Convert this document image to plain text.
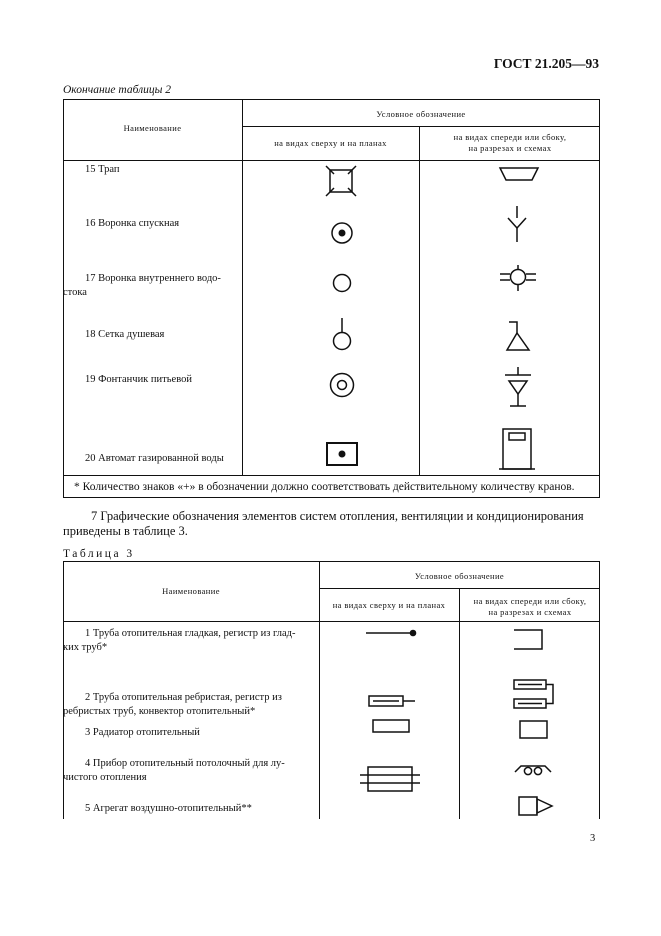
ГОСТ 21.205—93
Окончание таблицы 2
Наименование
Условное обозначение
на видах сверху и на планах
на видах спереди или сбоку,
на разрезах и схемах
15 Трап
16 Воронка спускная
17 Воронка внутреннего водо-
стока
18 Сетка душевая
19 Фонтанчик питьевой
20 Автомат газированной воды
* Количество знаков «+» в обозначении должно соответствовать действительному количеству кранов.
7 Графические обозначения элементов систем отопления, вентиляции и кондиционирования
приведены в таблице 3.
Таблица 3
Наименование
Условное обозначение
на видах сверху и на планах	на видах спереди или сбоку,
на разрезах и схемах
1 Труба отопительная гладкая, регистр из глад-
ких труб*
2 Труба отопительная ребристая, регистр из
ребристых труб, конвектор отопительный*
3 Радиатор отопительный
4 Прибор отопительный потолочный для лу-
чистого отопления
5 Агрегат воздушно-отопительный**
3
